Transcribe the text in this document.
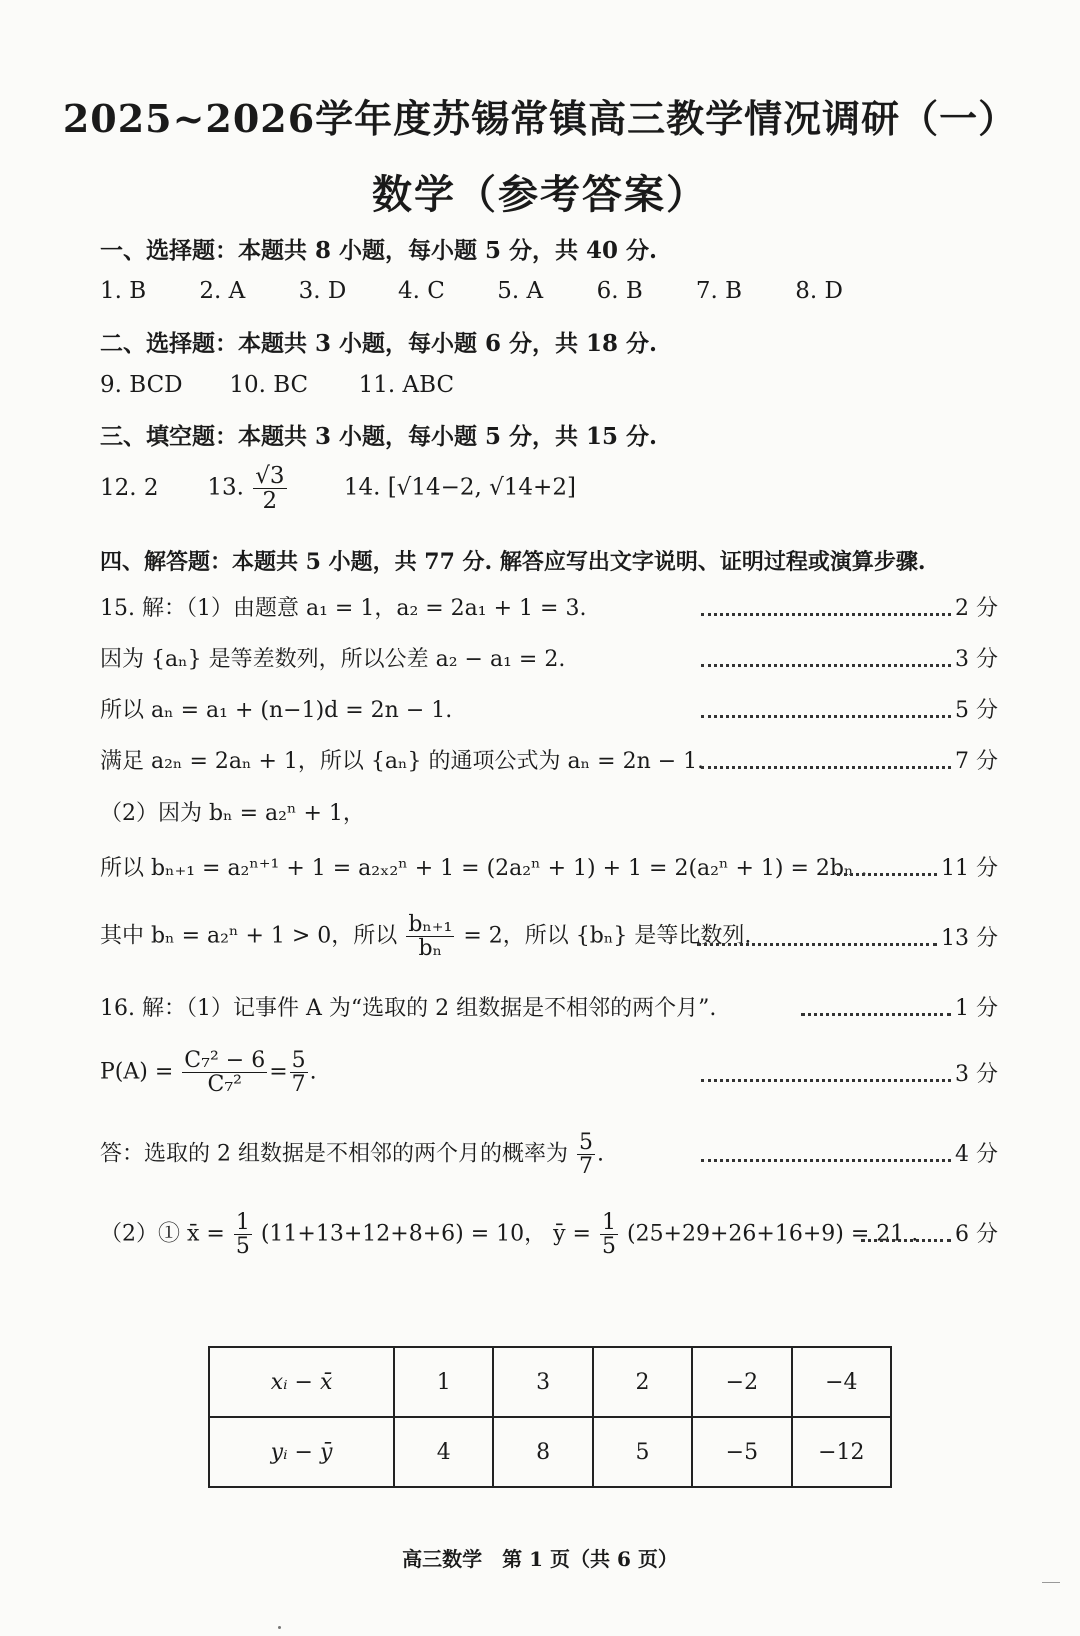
2025~2026学年度苏锡常镇高三教学情况调研（一）
数学（参考答案）
一、选择题：本题共 8 小题，每小题 5 分，共 40 分.
1. B 2. A 3. D 4. C 5. A 6. B 7. B 8. D
二、选择题：本题共 3 小题，每小题 6 分，共 18 分.
9. BCD 10. BC 11. ABC
三、填空题：本题共 3 小题，每小题 5 分，共 15 分.
12. 2 13. $\frac{√3}{2} 14$. [√14−2, √14+2]
四、解答题：本题共 5 小题，共 77 分. 解答应写出文字说明、证明过程或演算步骤.
15. 解：（1）由题意 a₁ = 1，a₂ = 2a₁ + 1 = 3.	2 分
因为 {aₙ} 是等差数列，所以公差 a₂ − a₁ = 2.	3 分
所以 aₙ = a₁ + (n−1)d = 2n − 1.	5 分
满足 a₂ₙ = 2aₙ + 1，所以 {aₙ} 的通项公式为 aₙ = 2n − 1.	7 分
（2）因为 bₙ = a₂ⁿ + 1，
所以 bₙ₊₁ = a₂ⁿ⁺¹ + 1 = a₂ₓ₂ⁿ + 1 = (2a₂ⁿ + 1) + 1 = 2(a₂ⁿ + 1) = 2bₙ .	11 分
其中 bₙ = a₂ⁿ + 1 > 0，所以 $\frac{\text{bₙ₊₁}}{\text{bₙ}} = 2$，所以 {bₙ} 是等比数列.	13 分
16. 解：（1）记事件 A 为“选取的 2 组数据是不相邻的两个月”.	1 分
$P(A) = \frac{\text{C₇² − 6}}{\text{C₇²}} = \frac{5}{7}$ .	3 分
答：选取的 2 组数据是不相邻的两个月的概率为 $\frac{5}{7}$ .	4 分
（2）① x̄ = $\frac{1}{5} (11+13+12+8+6) = 10$， ȳ = $\frac{1}{5} (25+29+26+16+9) = 21$ . 6 分
xᵢ − x̄	1	3	2	−2	−4
yᵢ − ȳ	4	8	5	−5	−12
高三数学　第 1 页（共 6 页）
